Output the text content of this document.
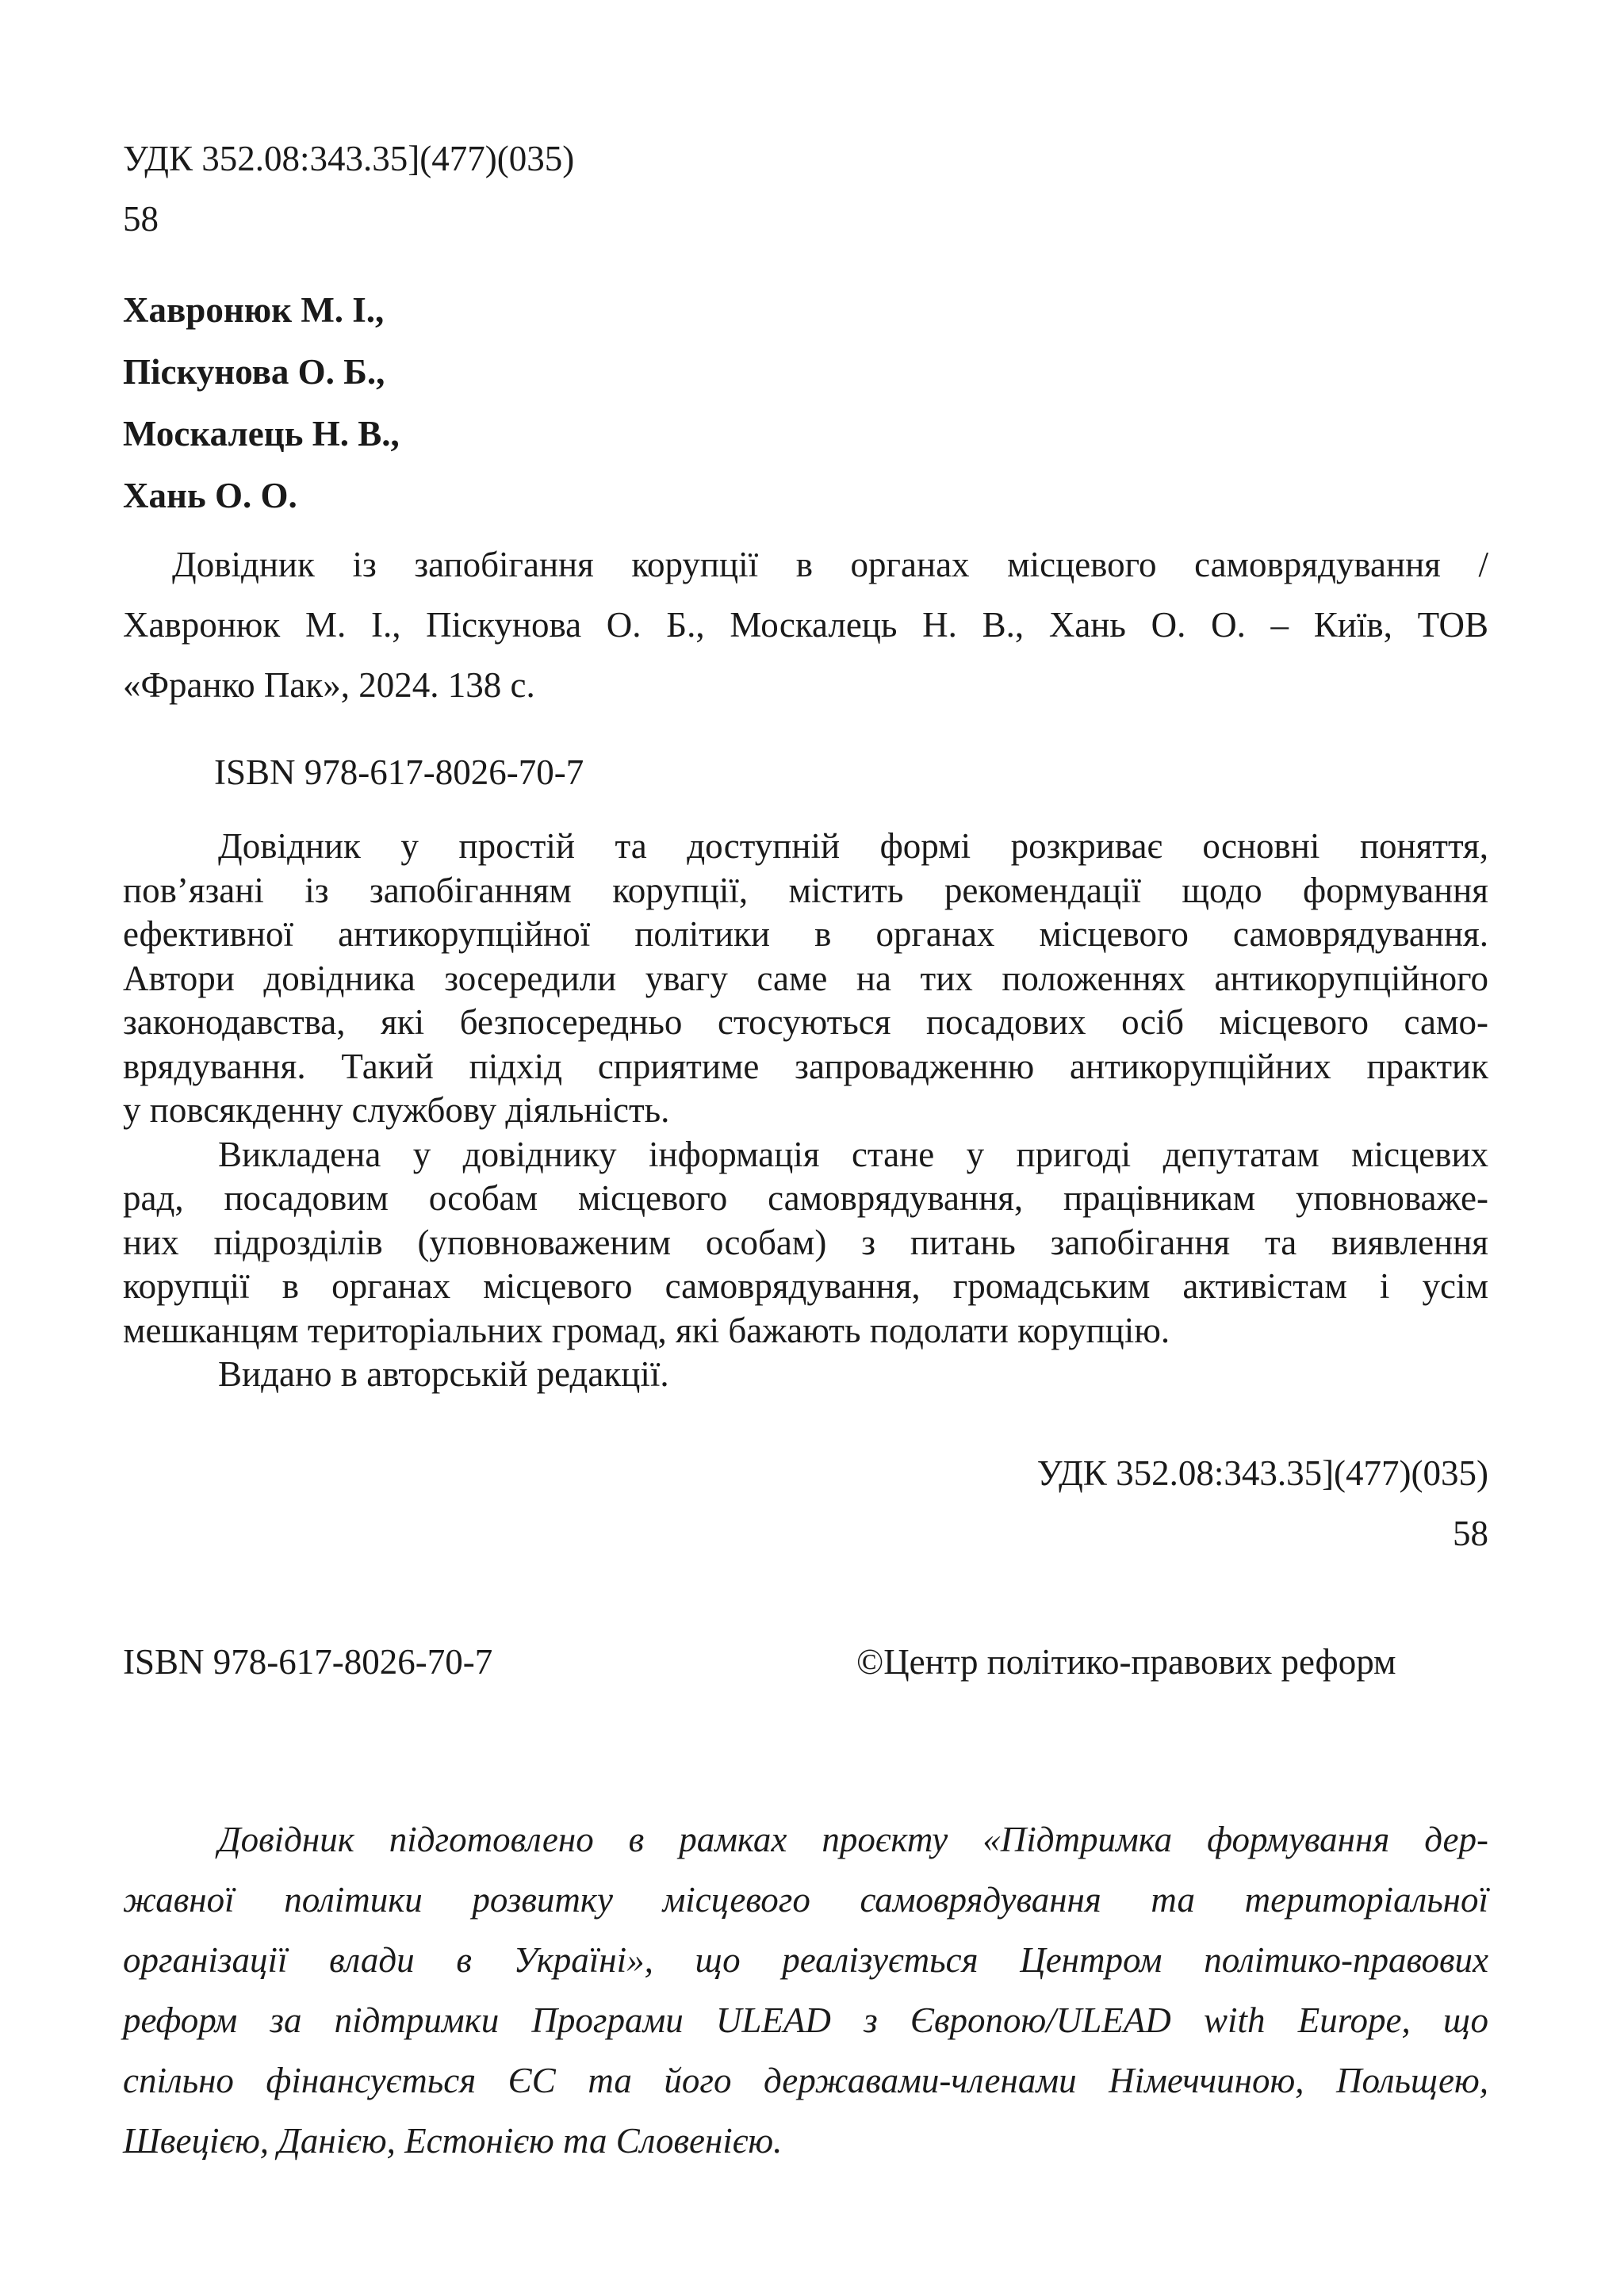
УДК 352.08:343.35](477)(035)
58
Хавронюк М. І.,
Піскунова О. Б.,
Москалець Н. В.,
Хань О. О.
Довідник із запобігання корупції в органах місцевого самоврядування /
Хавронюк М. І., Піскунова О. Б., Москалець Н. В., Хань О. О. – Київ, ТОВ
«Франко Пак», 2024. 138 с.
ISBN 978-617-8026-70-7
Довідник у простій та доступній формі розкриває основні поняття,
пов’язані із запобіганням корупції, містить рекомендації щодо формування
ефективної антикорупційної політики в органах місцевого самоврядування.
Автори довідника зосередили увагу саме на тих положеннях антикорупційного
законодавства, які безпосередньо стосуються посадових осіб місцевого само-
врядування. Такий підхід сприятиме запровадженню антикорупційних практик
у повсякденну службову діяльність.
Викладена у довіднику інформація стане у пригоді депутатам місцевих
рад, посадовим особам місцевого самоврядування, працівникам уповноваже-
них підрозділів (уповноваженим особам) з питань запобігання та виявлення
корупції в органах місцевого самоврядування, громадським активістам і усім
мешканцям територіальних громад, які бажають подолати корупцію.
Видано в авторській редакції.
УДК 352.08:343.35](477)(035)
58
ISBN 978-617-8026-70-7	©Центр політико-правових реформ
Довідник підготовлено в рамках проєкту «Підтримка формування дер-
жавної політики розвитку місцевого самоврядування та територіальної
організації влади в Україні», що реалізується Центром політико-правових
реформ за підтримки Програми ULEAD з Європою/ULEAD with Europe, що
спільно фінансується ЄС та його державами-членами Німеччиною, Польщею,
Швецією, Данією, Естонією та Словенією.
